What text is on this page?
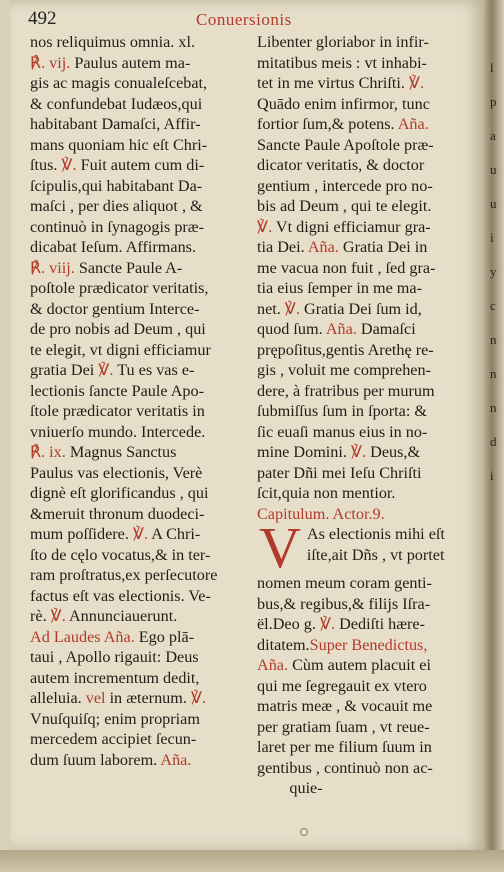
l
p
a
u
u
i
y
c
n
n
n
d
i
492	Conuersionis
nos reliquimus omnia. xl.
℟. vij. Paulus autem ma-
gis ac magis conualeſcebat,
& confundebat Iudæos,qui
habitabant Damaſci, Affir-
mans quoniam hic eſt Chri-
ſtus. ℣. Fuit autem cum di-
ſcipulis,qui habitabant Da-
maſci , per dies aliquot , &
continuò in ſynagogis præ-
dicabat Ieſum. Affirmans.
℟. viij. Sancte Paule A-
poſtole prædicator veritatis,
& doctor gentium Interce-
de pro nobis ad Deum , qui
te elegit, vt digni efficiamur
gratia Dei ℣. Tu es vas e-
lectionis ſancte Paule Apo-
ſtole prædicator veritatis in
vniuerſo mundo. Intercede.
℟. ix. Magnus Sanctus
Paulus vas electionis, Verè
dignè eſt glorificandus , qui
&meruit thronum duodeci-
mum poſſidere. ℣. A Chri-
ſto de cęlo vocatus,& in ter-
ram proſtratus,ex perſecutore
factus eſt vas electionis. Ve-
rè. ℣. Annunciauerunt.
Ad Laudes Aña. Ego plā-
taui , Apollo rigauit: Deus
autem incrementum dedit,
alleluia. vel in æternum. ℣.
Vnuſquiſq; enim propriam
mercedem accipiet ſecun-
dum ſuum laborem. Aña.
Libenter gloriabor in infir-
mitatibus meis : vt inhabi-
tet in me virtus Chriſti. ℣.
Quādo enim infirmor, tunc
fortior ſum,& potens. Aña.
Sancte Paule Apoſtole præ-
dicator veritatis, & doctor
gentium , intercede pro no-
bis ad Deum , qui te elegit.
℣. Vt digni efficiamur gra-
tia Dei. Aña. Gratia Dei in
me vacua non fuit , ſed gra-
tia eius ſemper in me ma-
net. ℣. Gratia Dei ſum id,
quod ſum. Aña. Damaſci
prępoſitus,gentis Arethę re-
gis , voluit me comprehen-
dere, à fratribus per murum
ſubmiſſus ſum in ſporta: &
ſic euaſi manus eius in no-
mine Domini. ℣. Deus,&
pater Dñi mei Ieſu Chriſti
ſcit,quia non mentior.
Capitulum. Actor.9.
V As electionis mihi eſt
iſte,ait Dñs , vt portet
nomen meum coram genti-
bus,& regibus,& filijs Iſra-
ël.Deo g. ℣. Dediſti hære-
ditatem.Super Benedictus,
Aña. Cùm autem placuit ei
qui me ſegregauit ex vtero
matris meæ , & vocauit me
per gratiam ſuam , vt reue-
laret per me filium ſuum in
gentibus , continuò non ac-
quie-
